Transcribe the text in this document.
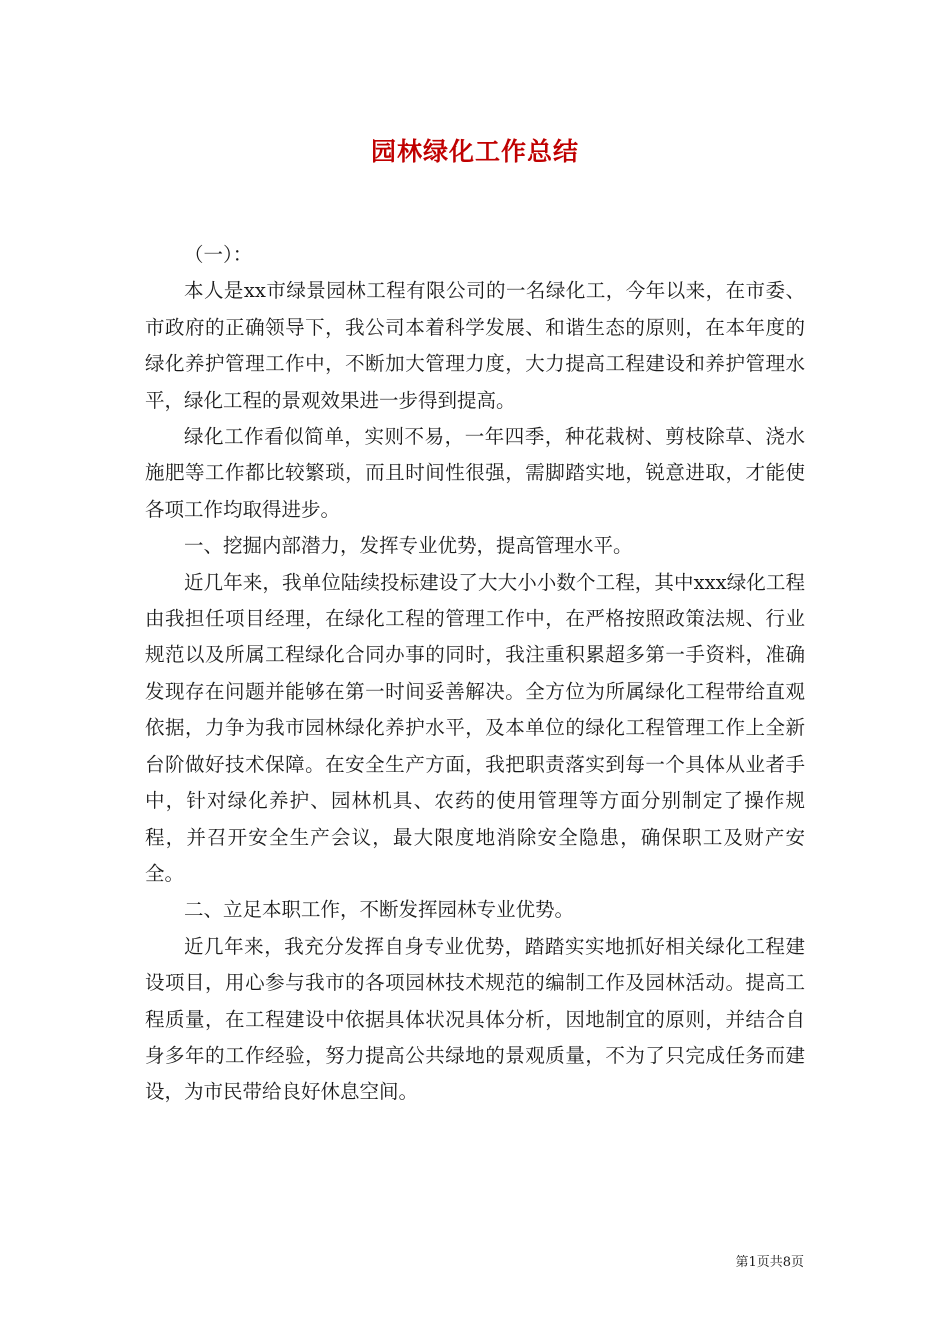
园林绿化工作总结

（一）：

本人是xx市绿景园林工程有限公司的一名绿化工，今年以来，在市委、市政府的正确领导下，我公司本着科学发展、和谐生态的原则，在本年度的绿化养护管理工作中，不断加大管理力度，大力提高工程建设和养护管理水平，绿化工程的景观效果进一步得到提高。

绿化工作看似简单，实则不易，一年四季，种花栽树、剪枝除草、浇水施肥等工作都比较繁琐，而且时间性很强，需脚踏实地，锐意进取，才能使各项工作均取得进步。

一、挖掘内部潜力，发挥专业优势，提高管理水平。

近几年来，我单位陆续投标建设了大大小小数个工程，其中xxx绿化工程由我担任项目经理，在绿化工程的管理工作中，在严格按照政策法规、行业规范以及所属工程绿化合同办事的同时，我注重积累超多第一手资料，准确发现存在问题并能够在第一时间妥善解决。全方位为所属绿化工程带给直观依据，力争为我市园林绿化养护水平，及本单位的绿化工程管理工作上全新台阶做好技术保障。在安全生产方面，我把职责落实到每一个具体从业者手中，针对绿化养护、园林机具、农药的使用管理等方面分别制定了操作规程，并召开安全生产会议，最大限度地消除安全隐患，确保职工及财产安全。

二、立足本职工作，不断发挥园林专业优势。

近几年来，我充分发挥自身专业优势，踏踏实实地抓好相关绿化工程建设项目，用心参与我市的各项园林技术规范的编制工作及园林活动。提高工程质量，在工程建设中依据具体状况具体分析，因地制宜的原则，并结合自身多年的工作经验，努力提高公共绿地的景观质量，不为了只完成任务而建设，为市民带给良好休息空间。

第1页共8页
